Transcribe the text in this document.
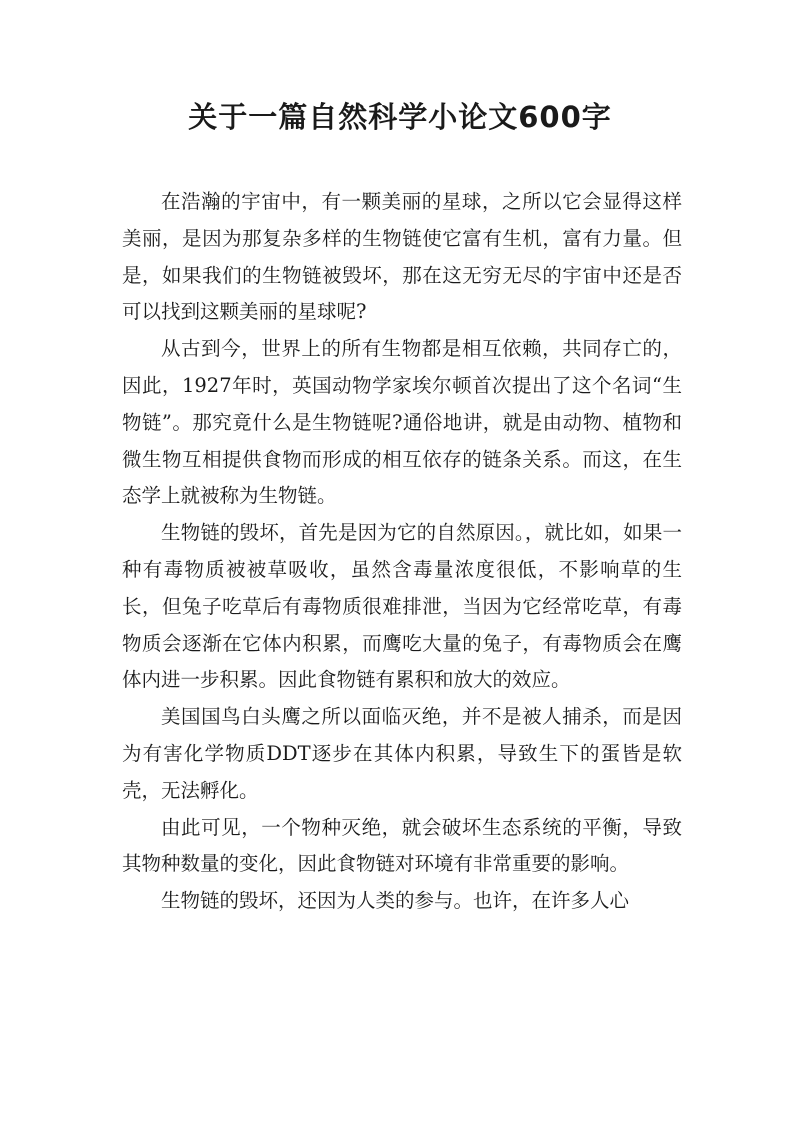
关于一篇自然科学小论文600字

在浩瀚的宇宙中，有一颗美丽的星球，之所以它会显得这样美丽，是因为那复杂多样的生物链使它富有生机，富有力量。但是，如果我们的生物链被毁坏，那在这无穷无尽的宇宙中还是否可以找到这颗美丽的星球呢?

从古到今，世界上的所有生物都是相互依赖，共同存亡的，因此，1927年时，英国动物学家埃尔顿首次提出了这个名词“生物链”。那究竟什么是生物链呢?通俗地讲，就是由动物、植物和微生物互相提供食物而形成的相互依存的链条关系。而这，在生态学上就被称为生物链。

生物链的毁坏，首先是因为它的自然原因。，就比如，如果一种有毒物质被被草吸收，虽然含毒量浓度很低，不影响草的生长，但兔子吃草后有毒物质很难排泄，当因为它经常吃草，有毒物质会逐渐在它体内积累，而鹰吃大量的兔子，有毒物质会在鹰体内进一步积累。因此食物链有累积和放大的效应。

美国国鸟白头鹰之所以面临灭绝，并不是被人捕杀，而是因为有害化学物质DDT逐步在其体内积累，导致生下的蛋皆是软壳，无法孵化。

由此可见，一个物种灭绝，就会破坏生态系统的平衡，导致其物种数量的变化，因此食物链对环境有非常重要的影响。

生物链的毁坏，还因为人类的参与。也许，在许多人心
